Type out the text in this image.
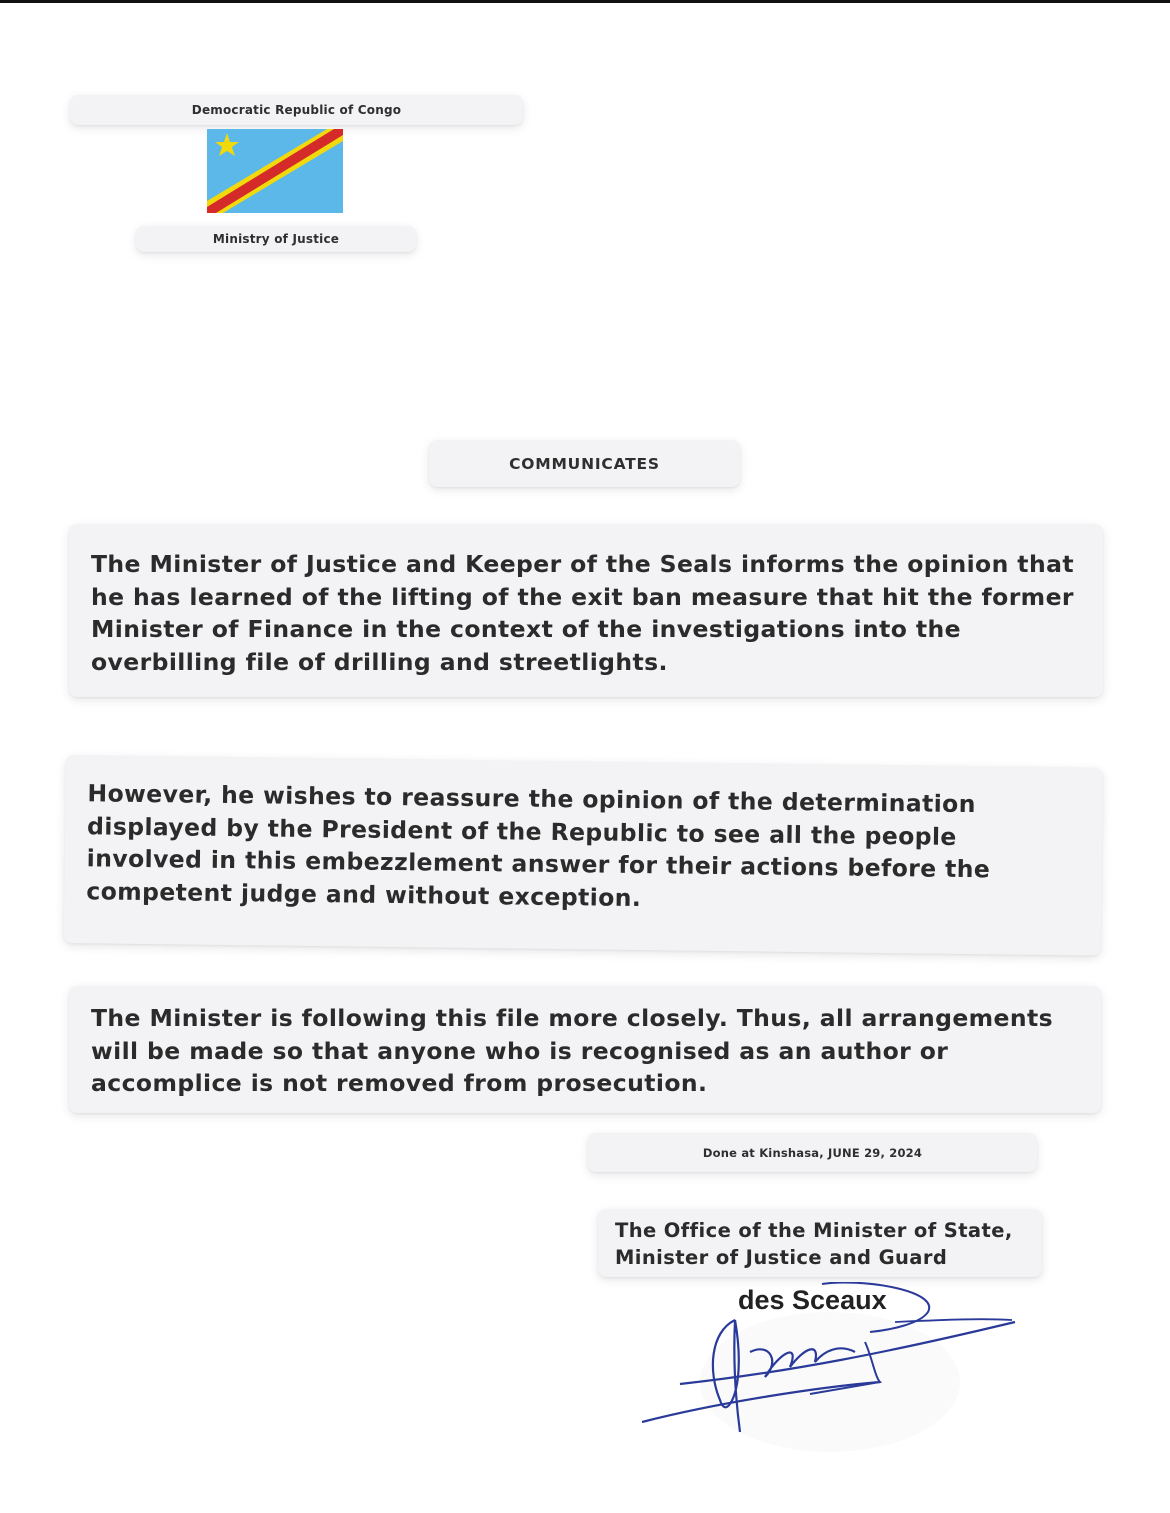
Democratic Republic of Congo
Ministry of Justice
COMMUNICATES
The Minister of Justice and Keeper of the Seals informs the opinion that he has learned of the lifting of the exit ban measure that hit the former Minister of Finance in the context of the investigations into the overbilling file of drilling and streetlights.
However, he wishes to reassure the opinion of the determination displayed by the President of the Republic to see all the people involved in this embezzlement answer for their actions before the competent judge and without exception.
The Minister is following this file more closely. Thus, all arrangements will be made so that anyone who is recognised as an author or accomplice is not removed from prosecution.
Done at Kinshasa, JUNE 29, 2024
The Office of the Minister of State,
Minister of Justice and Guard
des Sceaux
